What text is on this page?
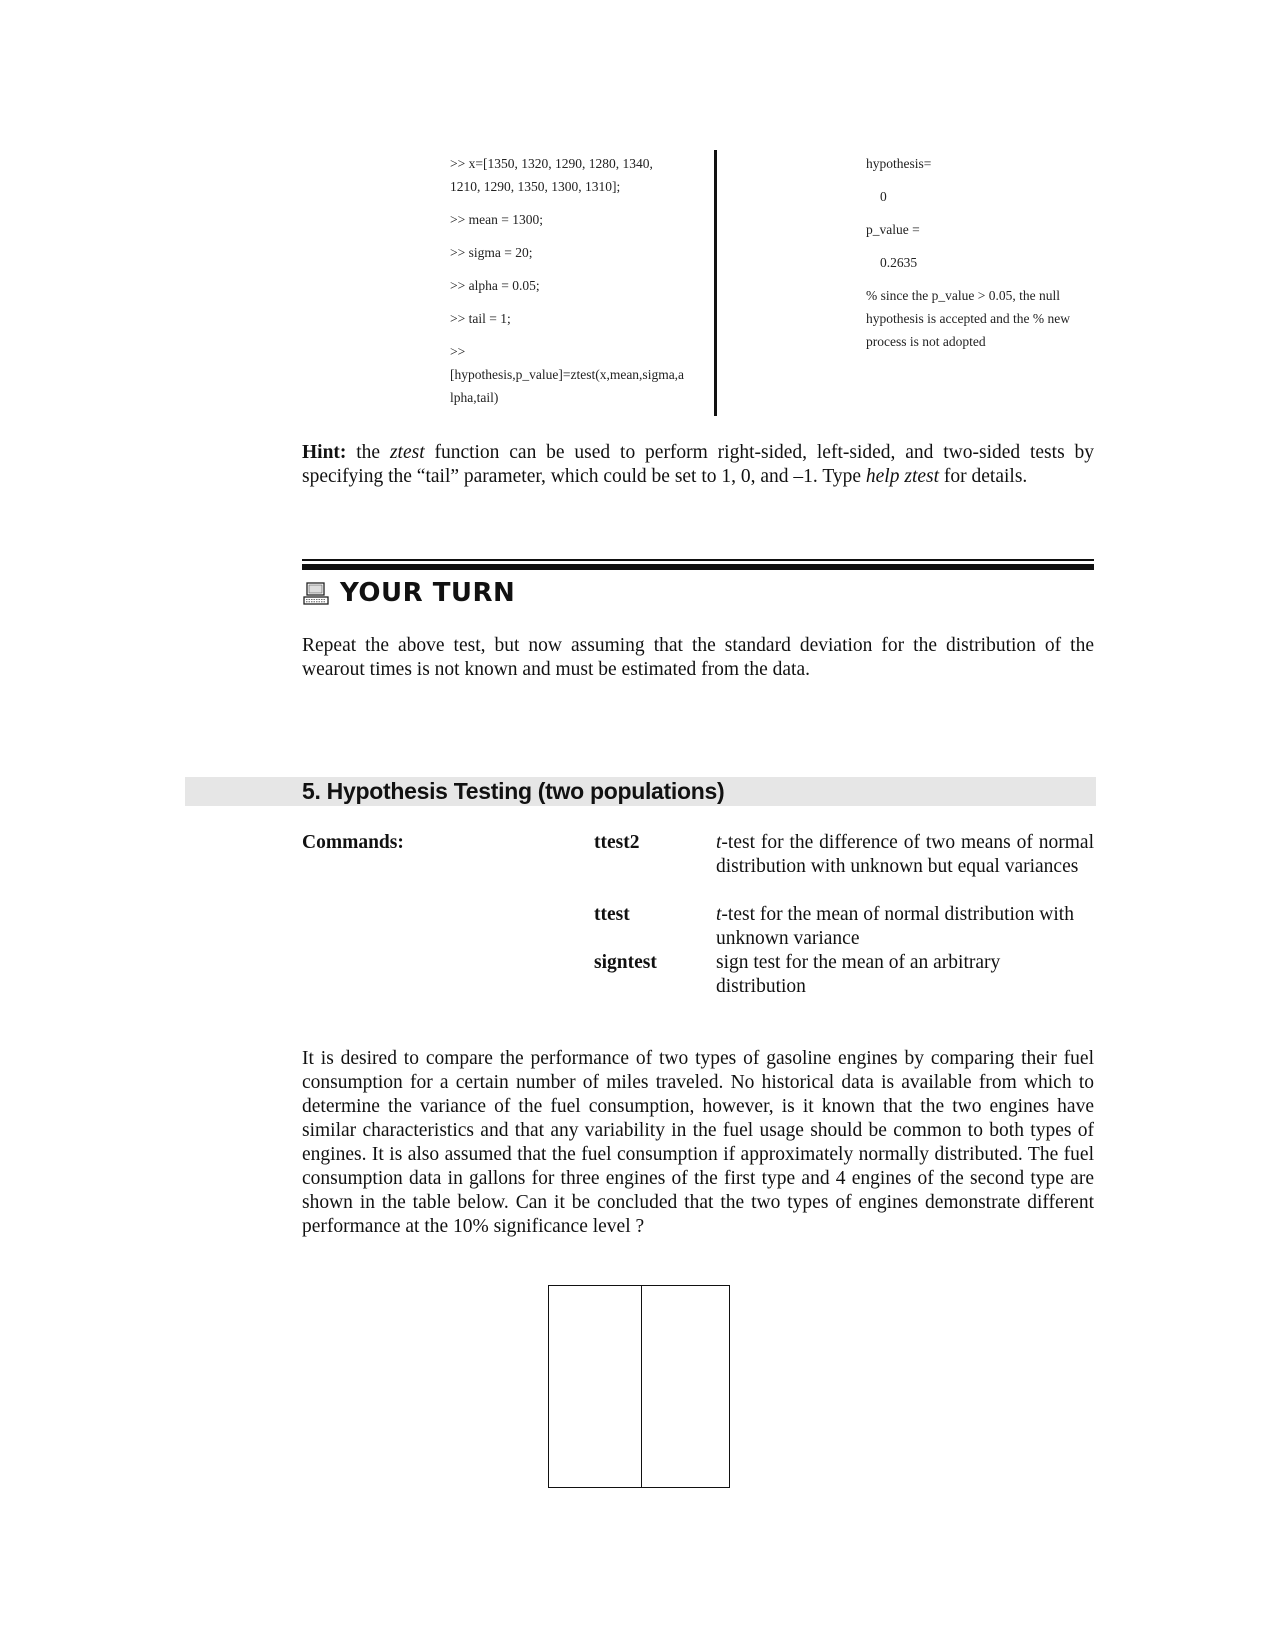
>> x=[1350, 1320, 1290, 1280, 1340, 1210, 1290, 1350, 1300, 1310];
>> mean = 1300;
>> sigma = 20;
>> alpha = 0.05;
>> tail = 1;
>>
[hypothesis,p_value]=ztest(x,mean,sigma,alpha,tail)
hypothesis=
0
p_value =
0.2635
% since the p_value > 0.05, the null hypothesis is accepted and the % new process is not adopted
Hint: the ztest function can be used to perform right-sided, left-sided, and two-sided tests by specifying the “tail” parameter, which could be set to 1, 0, and –1. Type help ztest for details.
YOUR TURN
Repeat the above test, but now assuming that the standard deviation for the distribution of the wearout times is not known and must be estimated from the data.
5. Hypothesis Testing (two populations)
Commands:	ttest2	t-test for the difference of two means of normal distribution with unknown but equal variances
ttest	t-test for the mean of normal distribution with unknown variance
signtest	sign test for the mean of an arbitrary distribution
It is desired to compare the performance of two types of gasoline engines by comparing their fuel consumption for a certain number of miles traveled. No historical data is available from which to determine the variance of the fuel consumption, however, is it known that the two engines have similar characteristics and that any variability in the fuel usage should be common to both types of engines. It is also assumed that the fuel consumption if approximately normally distributed. The fuel consumption data in gallons for three engines of the first type and 4 engines of the second type are shown in the table below. Can it be concluded that the two types of engines demonstrate different performance at the 10% significance level ?
